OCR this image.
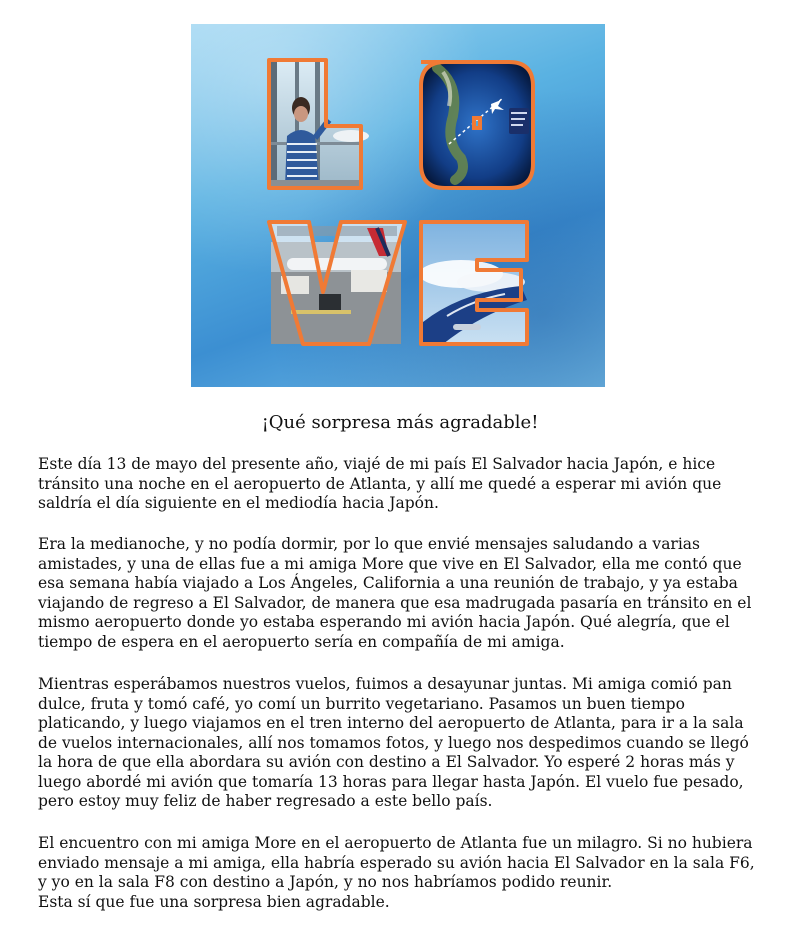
¡Qué sorpresa más agradable!

Este día 13 de mayo del presente año, viajé de mi país El Salvador hacia Japón, e hice tránsito una noche en el aeropuerto de Atlanta, y allí me quedé a esperar mi avión que saldría el día siguiente en el mediodía hacia Japón.

Era la medianoche, y no podía dormir, por lo que envié mensajes saludando a varias amistades, y una de ellas fue a mi amiga More que vive en El Salvador, ella me contó que esa semana había viajado a Los Ángeles, California a una reunión de trabajo, y ya estaba viajando de regreso a El Salvador, de manera que esa madrugada pasaría en tránsito en el mismo aeropuerto donde yo estaba esperando mi avión hacia Japón. Qué alegría, que el tiempo de espera en el aeropuerto sería en compañía de mi amiga.

Mientras esperábamos nuestros vuelos, fuimos a desayunar juntas. Mi amiga comió pan dulce, fruta y tomó café, yo comí un burrito vegetariano. Pasamos un buen tiempo platicando, y luego viajamos en el tren interno del aeropuerto de Atlanta, para ir a la sala de vuelos internacionales, allí nos tomamos fotos, y luego nos despedimos cuando se llegó la hora de que ella abordara su avión con destino a El Salvador. Yo esperé 2 horas más y luego abordé mi avión que tomaría 13 horas para llegar hasta Japón. El vuelo fue pesado, pero estoy muy feliz de haber regresado a este bello país.

El encuentro con mi amiga More en el aeropuerto de Atlanta fue un milagro. Si no hubiera enviado mensaje a mi amiga, ella habría esperado su avión hacia El Salvador en la sala F6, y yo en la sala F8 con destino a Japón, y no nos habríamos podido reunir.
Esta sí que fue una sorpresa bien agradable.
